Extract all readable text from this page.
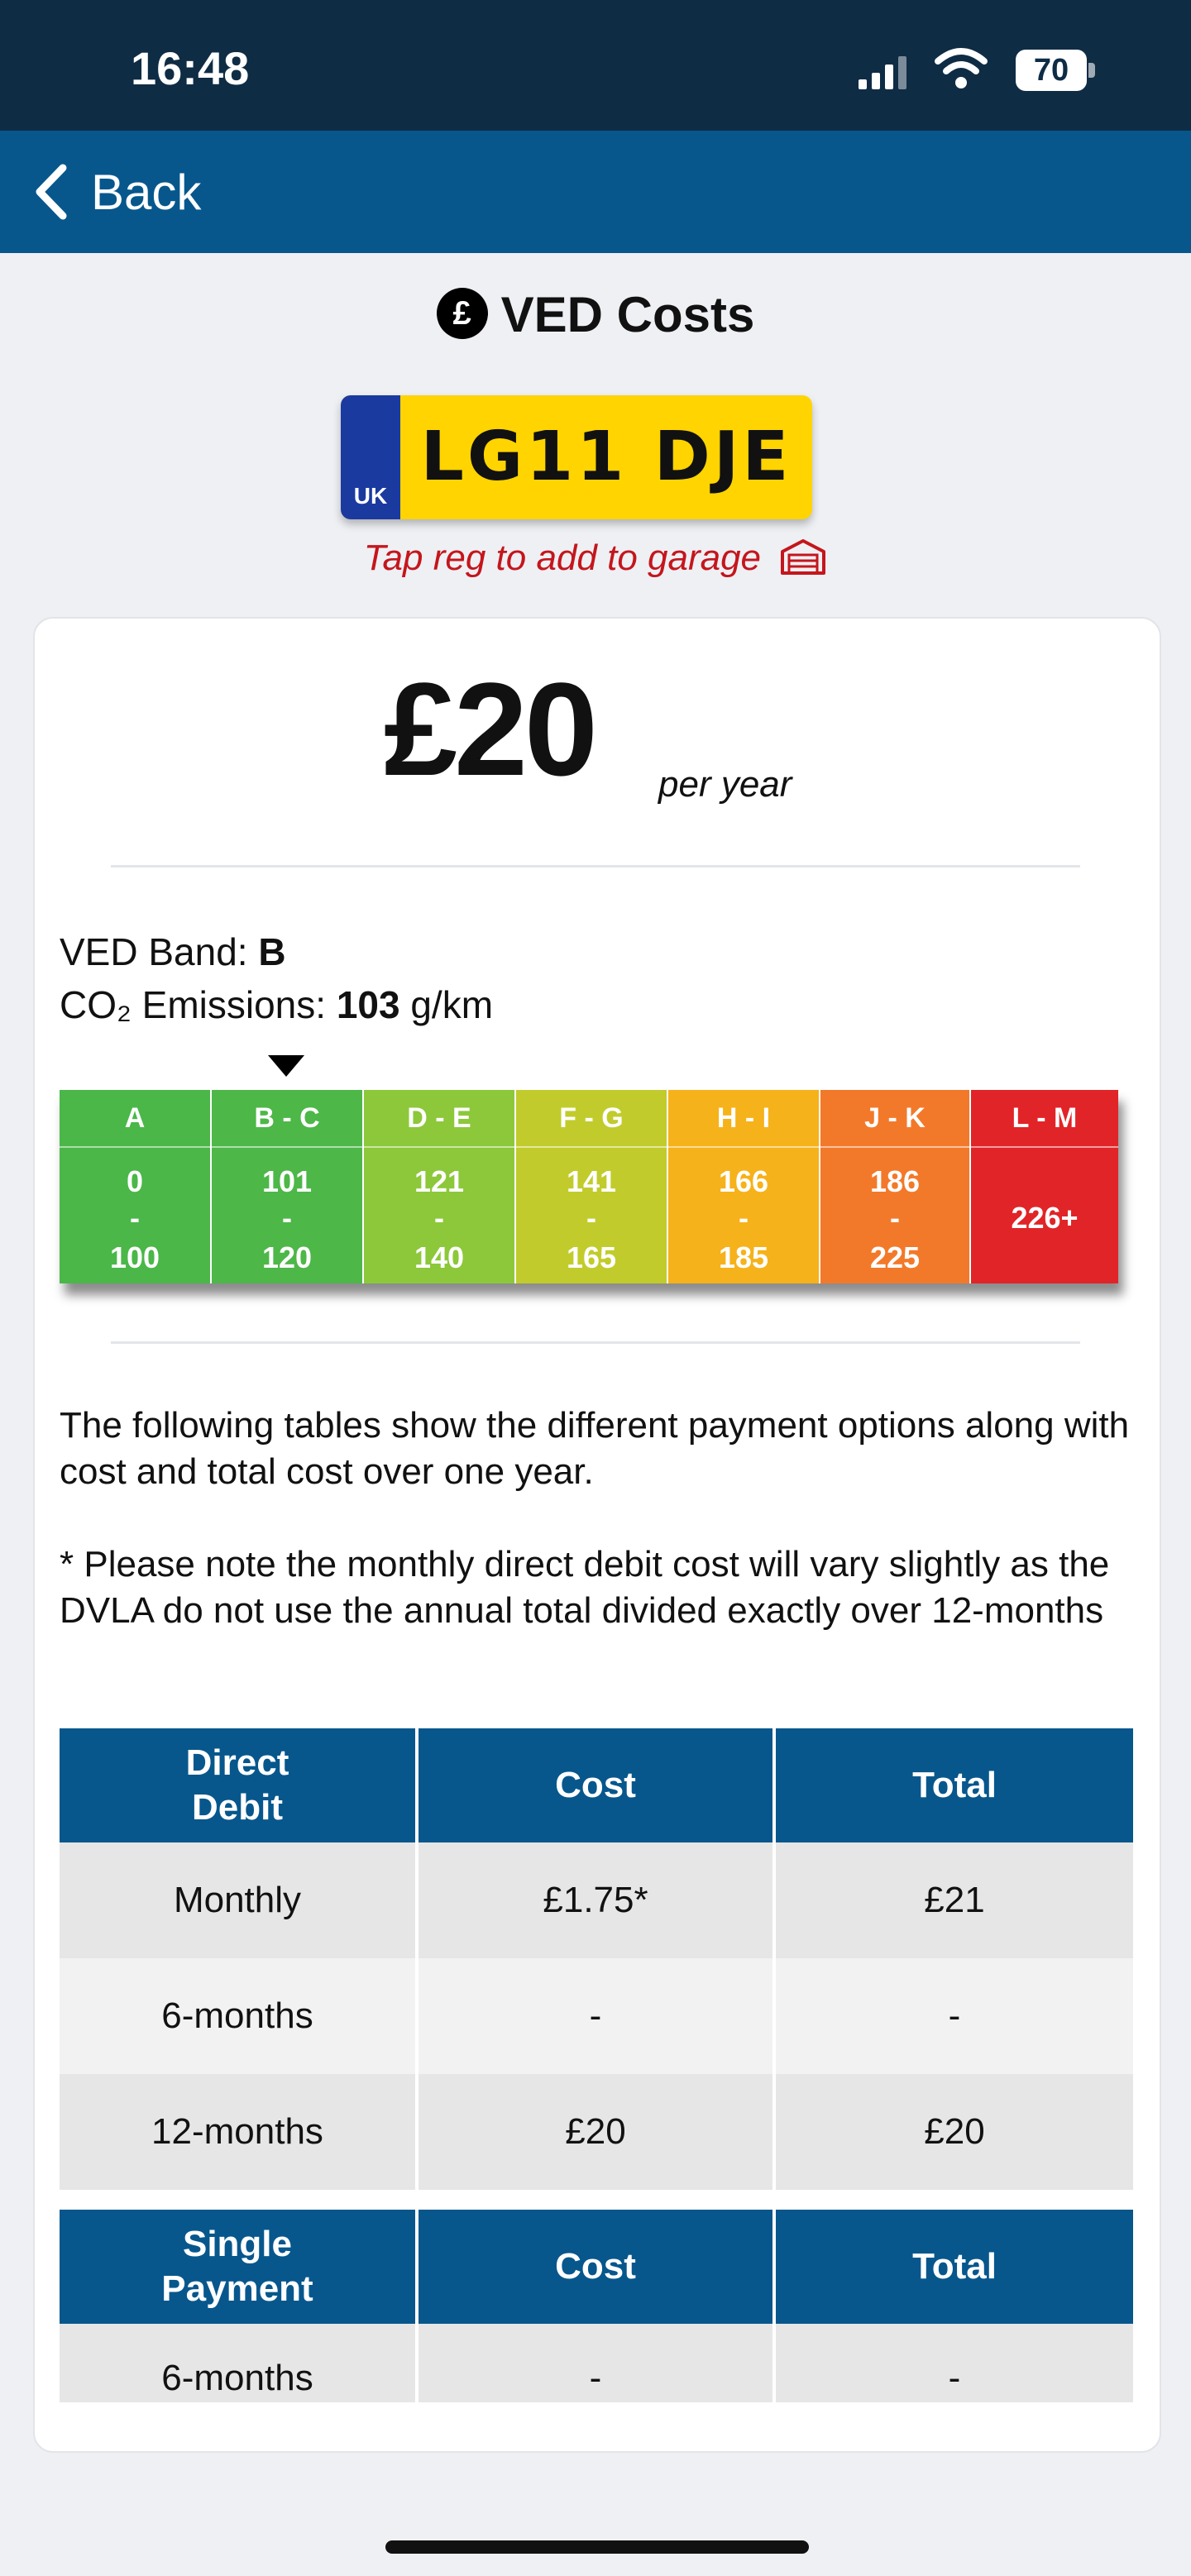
16:48	70
Back
£ VED Costs
UK LG11 DJE
Tap reg to add to garage
£20 per year
VED Band: B
CO₂ Emissions: 103 g/km
A
0
-
100
B - C
101
-
120
D - E
121
-
140
F - G
141
-
165
H - I
166
-
185
J - K
186
-
225
L - M
226+
The following tables show the different payment options along with cost and total cost over one year.
* Please note the monthly direct debit cost will vary slightly as the DVLA do not use the annual total divided exactly over 12-months
Direct Debit	Cost	Total
Monthly	£1.75*	£21
6-months	-	-
12-months	£20	£20
Single Payment	Cost	Total
6-months	-	-
